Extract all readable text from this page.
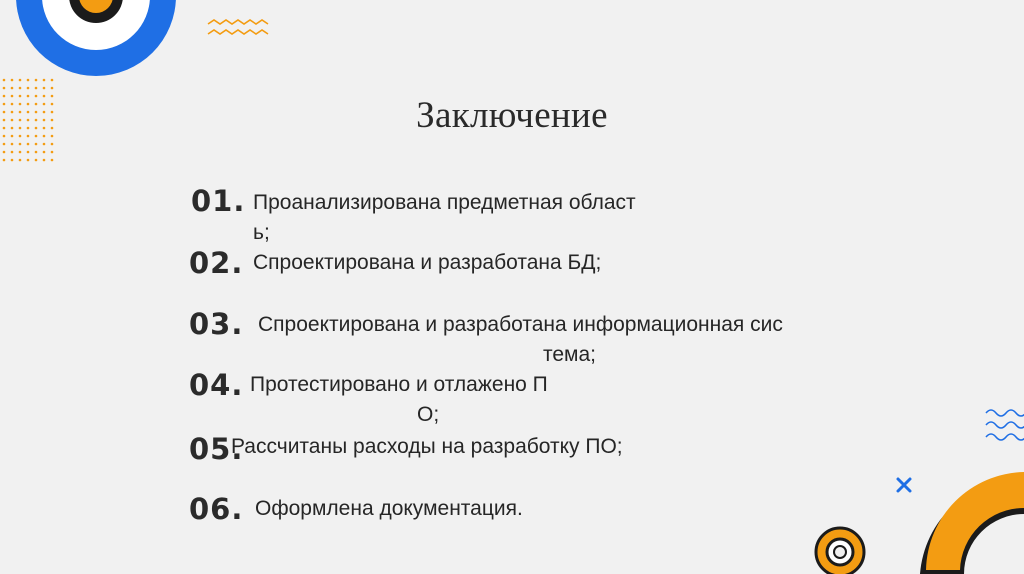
Заключение
01. Проанализирована предметная област
ь;
02. Спроектирована и разработана БД;
03. Спроектирована и разработана информационная сис
тема;
04. Протестировано и отлажено П
О;
05.
Рассчитаны расходы на разработку ПО;
06. Оформлена документация.
